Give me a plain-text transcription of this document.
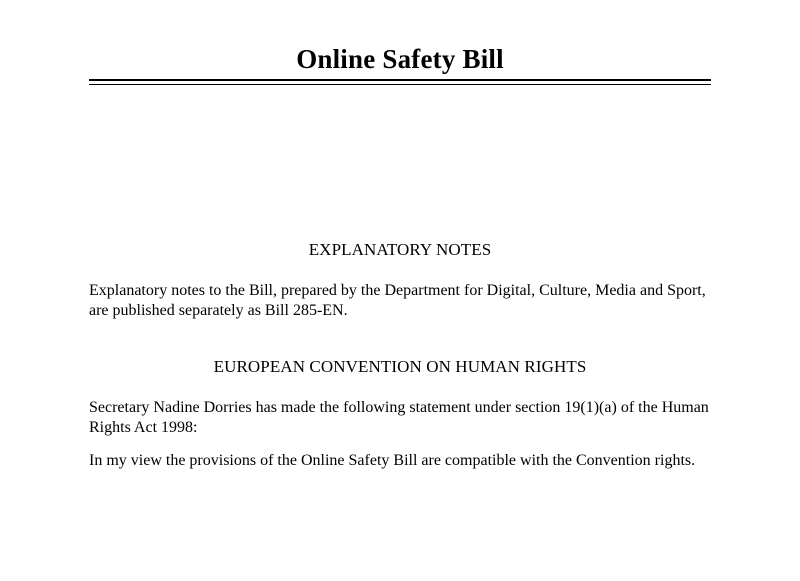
Online Safety Bill
EXPLANATORY NOTES
Explanatory notes to the Bill, prepared by the Department for Digital, Culture, Media and Sport, are published separately as Bill 285-EN.
EUROPEAN CONVENTION ON HUMAN RIGHTS
Secretary Nadine Dorries has made the following statement under section 19(1)(a) of the Human Rights Act 1998:
In my view the provisions of the Online Safety Bill are compatible with the Convention rights.
